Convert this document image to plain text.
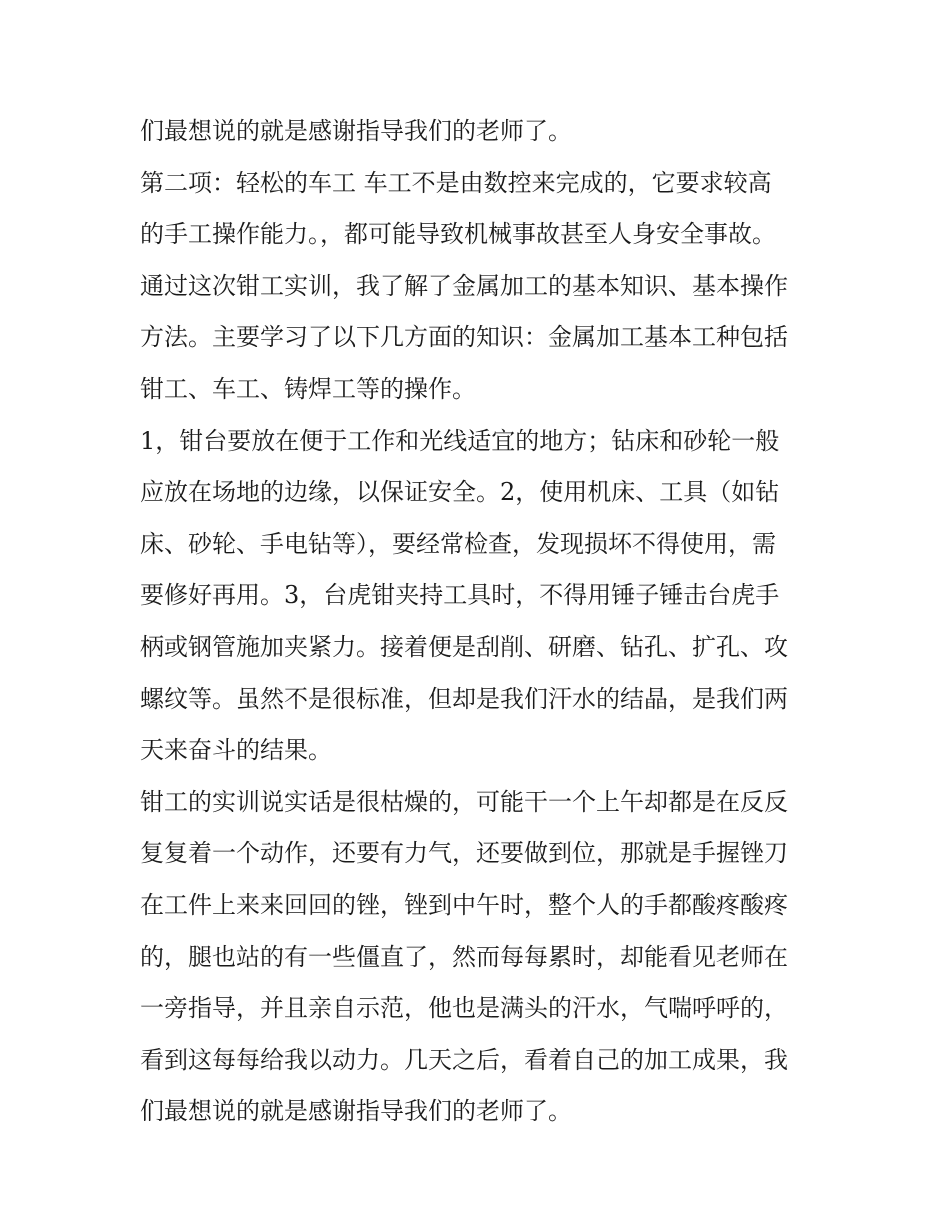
们最想说的就是感谢指导我们的老师了。
第二项：轻松的车工 车工不是由数控来完成的，它要求较高
的手工操作能力。，都可能导致机械事故甚至人身安全事故。
通过这次钳工实训，我了解了金属加工的基本知识、基本操作
方法。主要学习了以下几方面的知识：金属加工基本工种包括
钳工、车工、铸焊工等的操作。
1，钳台要放在便于工作和光线适宜的地方；钻床和砂轮一般
应放在场地的边缘，以保证安全。2，使用机床、工具（如钻
床、砂轮、手电钻等），要经常检查，发现损坏不得使用，需
要修好再用。3，台虎钳夹持工具时，不得用锤子锤击台虎手
柄或钢管施加夹紧力。接着便是刮削、研磨、钻孔、扩孔、攻
螺纹等。虽然不是很标准，但却是我们汗水的结晶，是我们两
天来奋斗的结果。
钳工的实训说实话是很枯燥的，可能干一个上午却都是在反反
复复着一个动作，还要有力气，还要做到位，那就是手握锉刀
在工件上来来回回的锉，锉到中午时，整个人的手都酸疼酸疼
的，腿也站的有一些僵直了，然而每每累时，却能看见老师在
一旁指导，并且亲自示范，他也是满头的汗水，气喘呼呼的，
看到这每每给我以动力。几天之后，看着自己的加工成果，我
们最想说的就是感谢指导我们的老师了。
